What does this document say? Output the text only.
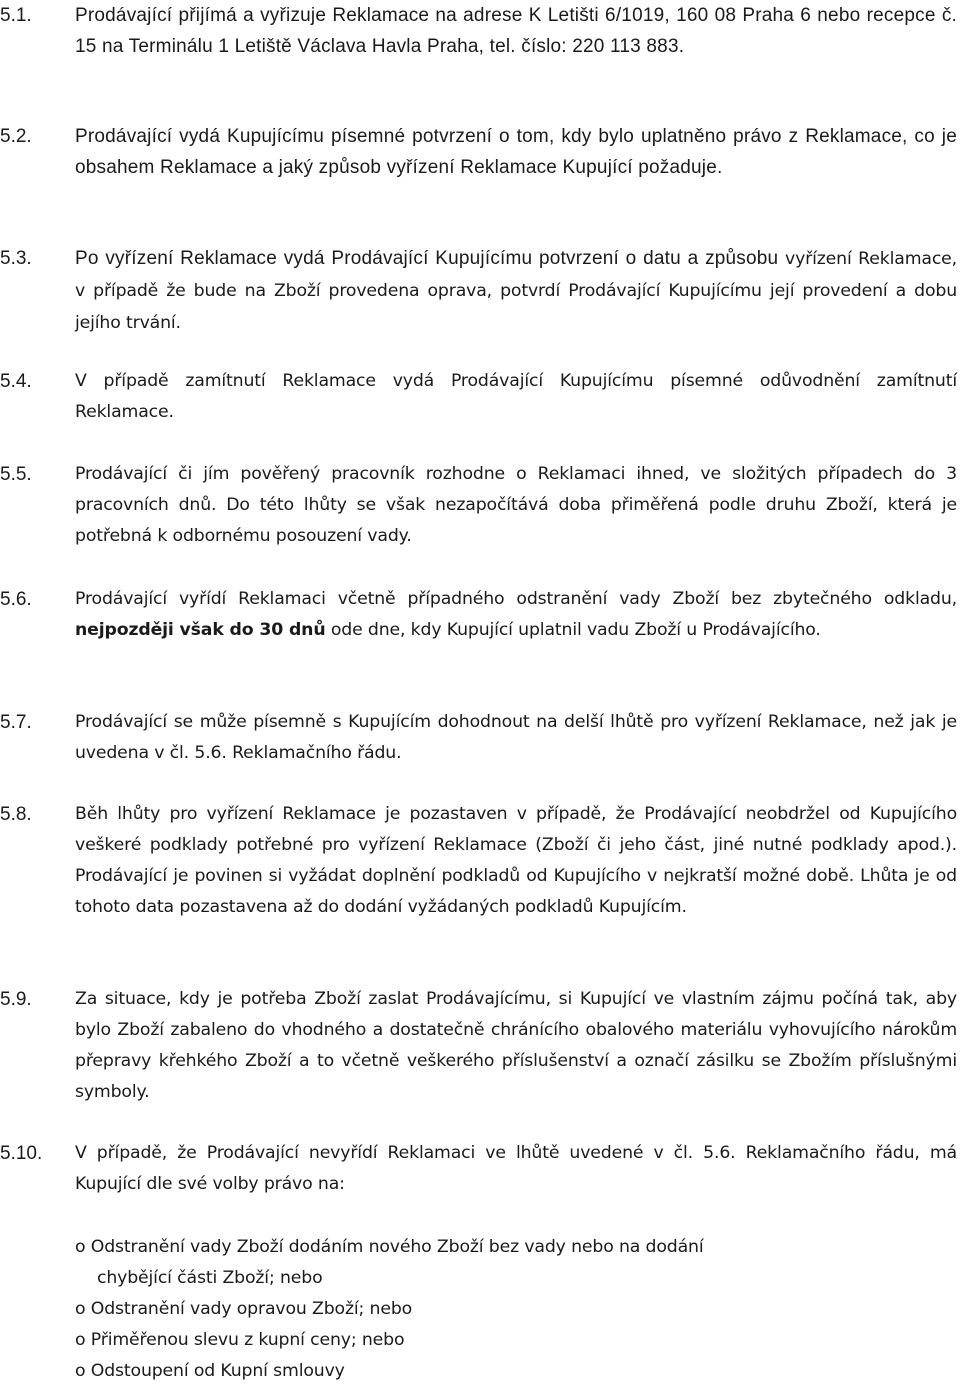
5.1. Prodávající přijímá a vyřizuje Reklamace na adrese K Letišti 6/1019, 160 08 Praha 6 nebo recepce č. 15 na Terminálu 1 Letiště Václava Havla Praha, tel. číslo: 220 113 883.
5.2. Prodávající vydá Kupujícímu písemné potvrzení o tom, kdy bylo uplatněno právo z Reklamace, co je obsahem Reklamace a jaký způsob vyřízení Reklamace Kupující požaduje.
5.3. Po vyřízení Reklamace vydá Prodávající Kupujícímu potvrzení o datu a způsobu vyřízení Reklamace, v případě že bude na Zboží provedena oprava, potvrdí Prodávající Kupujícímu její provedení a dobu jejího trvání.
5.4.	V případě zamítnutí Reklamace vydá Prodávající Kupujícímu písemné odůvodnění zamítnutí Reklamace.
5.5.	Prodávající či jím pověřený pracovník rozhodne o Reklamaci ihned, ve složitých případech do 3 pracovních dnů. Do této lhůty se však nezapočítává doba přiměřená podle druhu Zboží, která je potřebná k odbornému posouzení vady.
5.6.	Prodávající vyřídí Reklamaci včetně případného odstranění vady Zboží bez zbytečného odkladu, nejpozději však do 30 dnů ode dne, kdy Kupující uplatnil vadu Zboží u Prodávajícího.
5.7.	Prodávající se může písemně s Kupujícím dohodnout na delší lhůtě pro vyřízení Reklamace, než jak je uvedena v čl. 5.6. Reklamačního řádu.
5.8.	Běh lhůty pro vyřízení Reklamace je pozastaven v případě, že Prodávající neobdržel od Kupujícího veškeré podklady potřebné pro vyřízení Reklamace (Zboží či jeho část, jiné nutné podklady apod.). Prodávající je povinen si vyžádat doplnění podkladů od Kupujícího v nejkratší možné době. Lhůta je od tohoto data pozastavena až do dodání vyžádaných podkladů Kupujícím.
5.9.	Za situace, kdy je potřeba Zboží zaslat Prodávajícímu, si Kupující ve vlastním zájmu počíná tak, aby bylo Zboží zabaleno do vhodného a dostatečně chránícího obalového materiálu vyhovujícího nárokům přepravy křehkého Zboží a to včetně veškerého příslušenství a označí zásilku se Zbožím příslušnými symboly.
5.10. V případě, že Prodávající nevyřídí Reklamaci ve lhůtě uvedené v čl. 5.6. Reklamačního řádu, má Kupující dle své volby právo na:
o Odstranění vady Zboží dodáním nového Zboží bez vady nebo na dodání
chybějící části Zboží; nebo
o Odstranění vady opravou Zboží; nebo
o Přiměřenou slevu z kupní ceny; nebo
o Odstoupení od Kupní smlouvy
